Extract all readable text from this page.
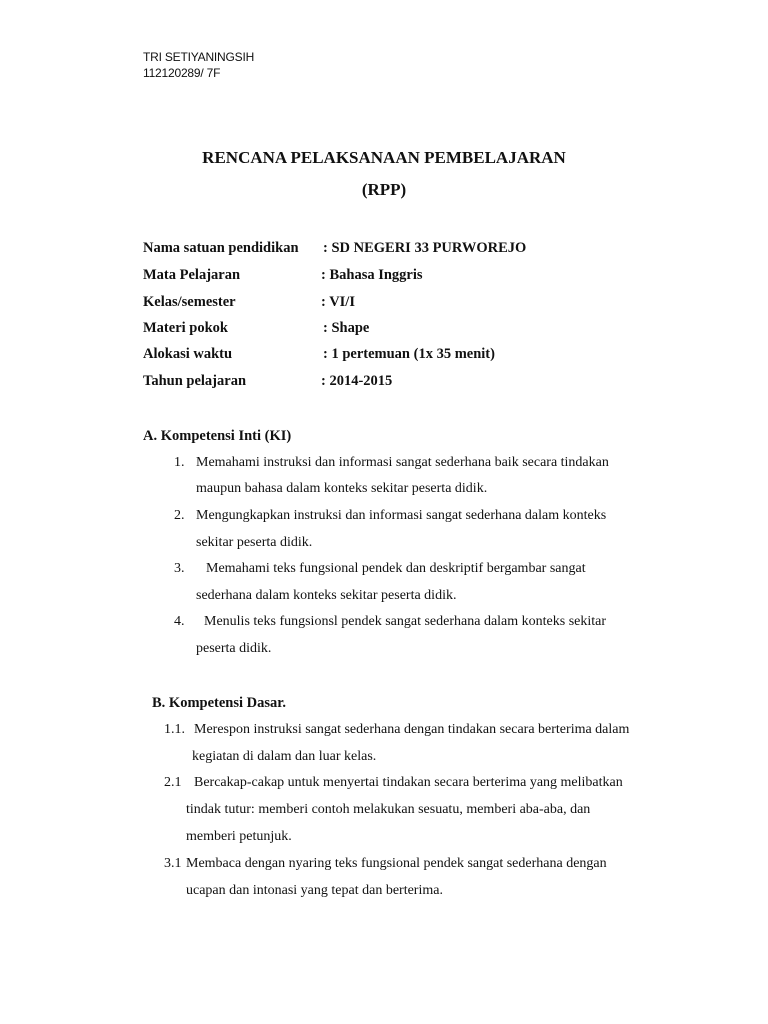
TRI SETIYANINGSIH
112120289/ 7F
RENCANA PELAKSANAAN PEMBELAJARAN
(RPP)
Nama satuan pendidikan : SD NEGERI 33 PURWOREJO
Mata Pelajaran	: Bahasa Inggris
Kelas/semester	: VI/I
Materi pokok	: Shape
Alokasi waktu	: 1 pertemuan (1x 35 menit)
Tahun pelajaran	: 2014-2015
A. Kompetensi Inti (KI)
1. Memahami instruksi dan informasi sangat sederhana baik secara tindakan
maupun bahasa dalam konteks sekitar peserta didik.
2. Mengungkapkan instruksi dan informasi sangat sederhana dalam konteks
sekitar peserta didik.
3. Memahami teks fungsional pendek dan deskriptif bergambar sangat
sederhana dalam konteks sekitar peserta didik.
4. Menulis teks fungsionsl pendek sangat sederhana dalam konteks sekitar
peserta didik.
B. Kompetensi Dasar.
1.1. Merespon instruksi sangat sederhana dengan tindakan secara berterima dalam
kegiatan di dalam dan luar kelas.
2.1 Bercakap-cakap untuk menyertai tindakan secara berterima yang melibatkan
tindak tutur: memberi contoh melakukan sesuatu, memberi aba-aba, dan
memberi petunjuk.
3.1 Membaca dengan nyaring teks fungsional pendek sangat sederhana dengan
ucapan dan intonasi yang tepat dan berterima.
